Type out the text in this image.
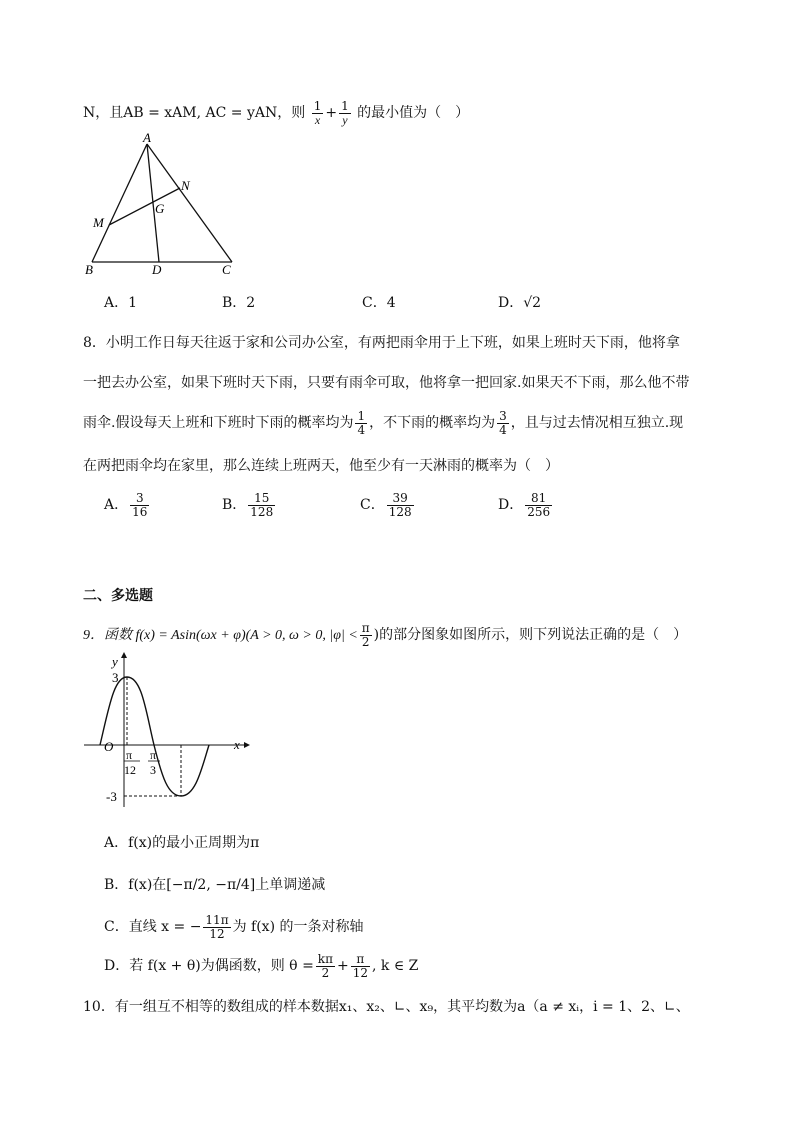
N，且AB = xAM, AC = yAN，则 $\frac{1}{x} + \frac{1}{y}$ 的最小值为（　）
A
B	C
D
M
N
G
A．1	B．2	C．4	D．√2
8．小明工作日每天往返于家和公司办公室，有两把雨伞用于上下班，如果上班时天下雨，他将拿
一把去办公室，如果下班时天下雨，只要有雨伞可取，他将拿一把回家.如果天不下雨，那么他不带
雨伞.假设每天上班和下班时下雨的概率均为 $\frac{1}{4}$ ，不下雨的概率均为 $\frac{3}{4}$ ，且与过去情况相互独立.现
在两把雨伞均在家里，那么连续上班两天，他至少有一天淋雨的概率为（　）
A． $\frac{3}{16}$	B． $\frac{15}{128}$	C． $\frac{39}{128}$	D． $\frac{81}{256}$
二、多选题
9．函数 f(x) = Asin(ωx + φ)(A > 0, ω > 0, $|\varphi| < \frac{\pi}{2}$ )的部分图象如图所示，则下列说法正确的是（　）
y
x
O
3
-3
π
12
π
3
A．f(x)的最小正周期为π
B．f(x)在[−π/2, −π/4]上单调递减
C．直线 x = − $\frac{11\pi}{12}$ 为 f(x) 的一条对称轴
D．若 f(x + θ)为偶函数，则 $\theta = \frac{k\pi}{2} + \frac{\pi}{12}$ , k ∈ Z
10．有一组互不相等的数组成的样本数据x₁、x₂、∟、x₉，其平均数为a（a ≠ xᵢ，i = 1、2、∟、
